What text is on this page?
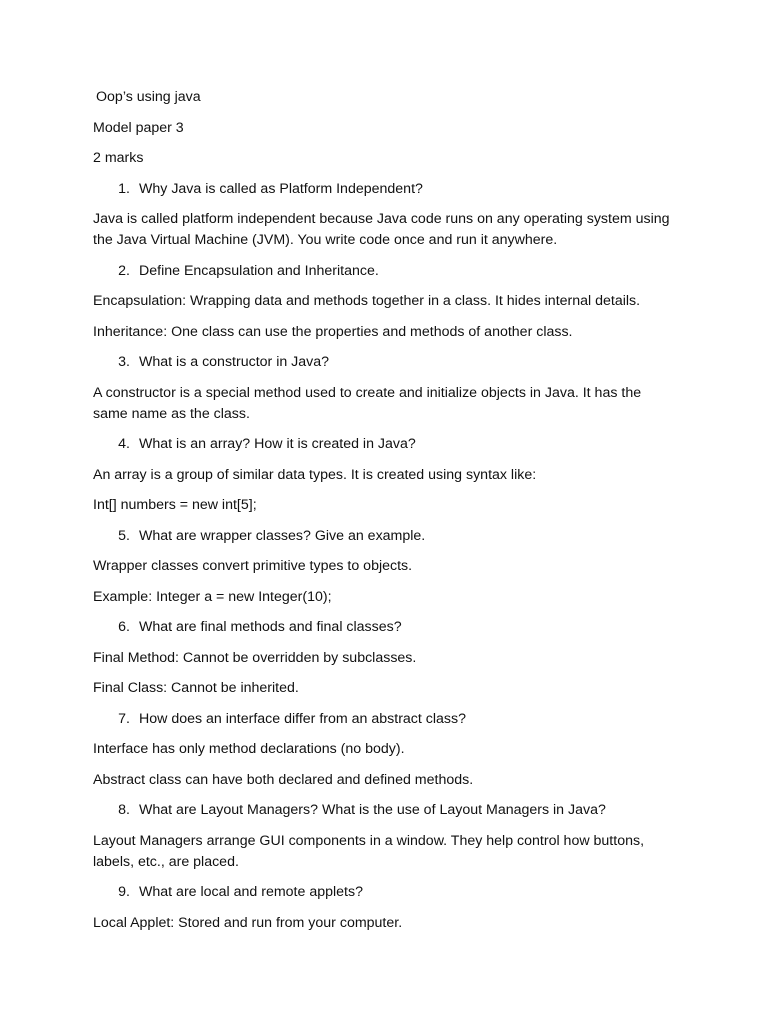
Oop’s using java

Model paper 3

2 marks

1. Why Java is called as Platform Independent?

Java is called platform independent because Java code runs on any operating system using the Java Virtual Machine (JVM). You write code once and run it anywhere.

2. Define Encapsulation and Inheritance.

Encapsulation: Wrapping data and methods together in a class. It hides internal details.

Inheritance: One class can use the properties and methods of another class.

3. What is a constructor in Java?

A constructor is a special method used to create and initialize objects in Java. It has the same name as the class.

4. What is an array? How it is created in Java?

An array is a group of similar data types. It is created using syntax like:

Int[] numbers = new int[5];

5. What are wrapper classes? Give an example.

Wrapper classes convert primitive types to objects.

Example: Integer a = new Integer(10);

6. What are final methods and final classes?

Final Method: Cannot be overridden by subclasses.

Final Class: Cannot be inherited.

7. How does an interface differ from an abstract class?

Interface has only method declarations (no body).

Abstract class can have both declared and defined methods.

8. What are Layout Managers? What is the use of Layout Managers in Java?

Layout Managers arrange GUI components in a window. They help control how buttons, labels, etc., are placed.

9. What are local and remote applets?

Local Applet: Stored and run from your computer.
